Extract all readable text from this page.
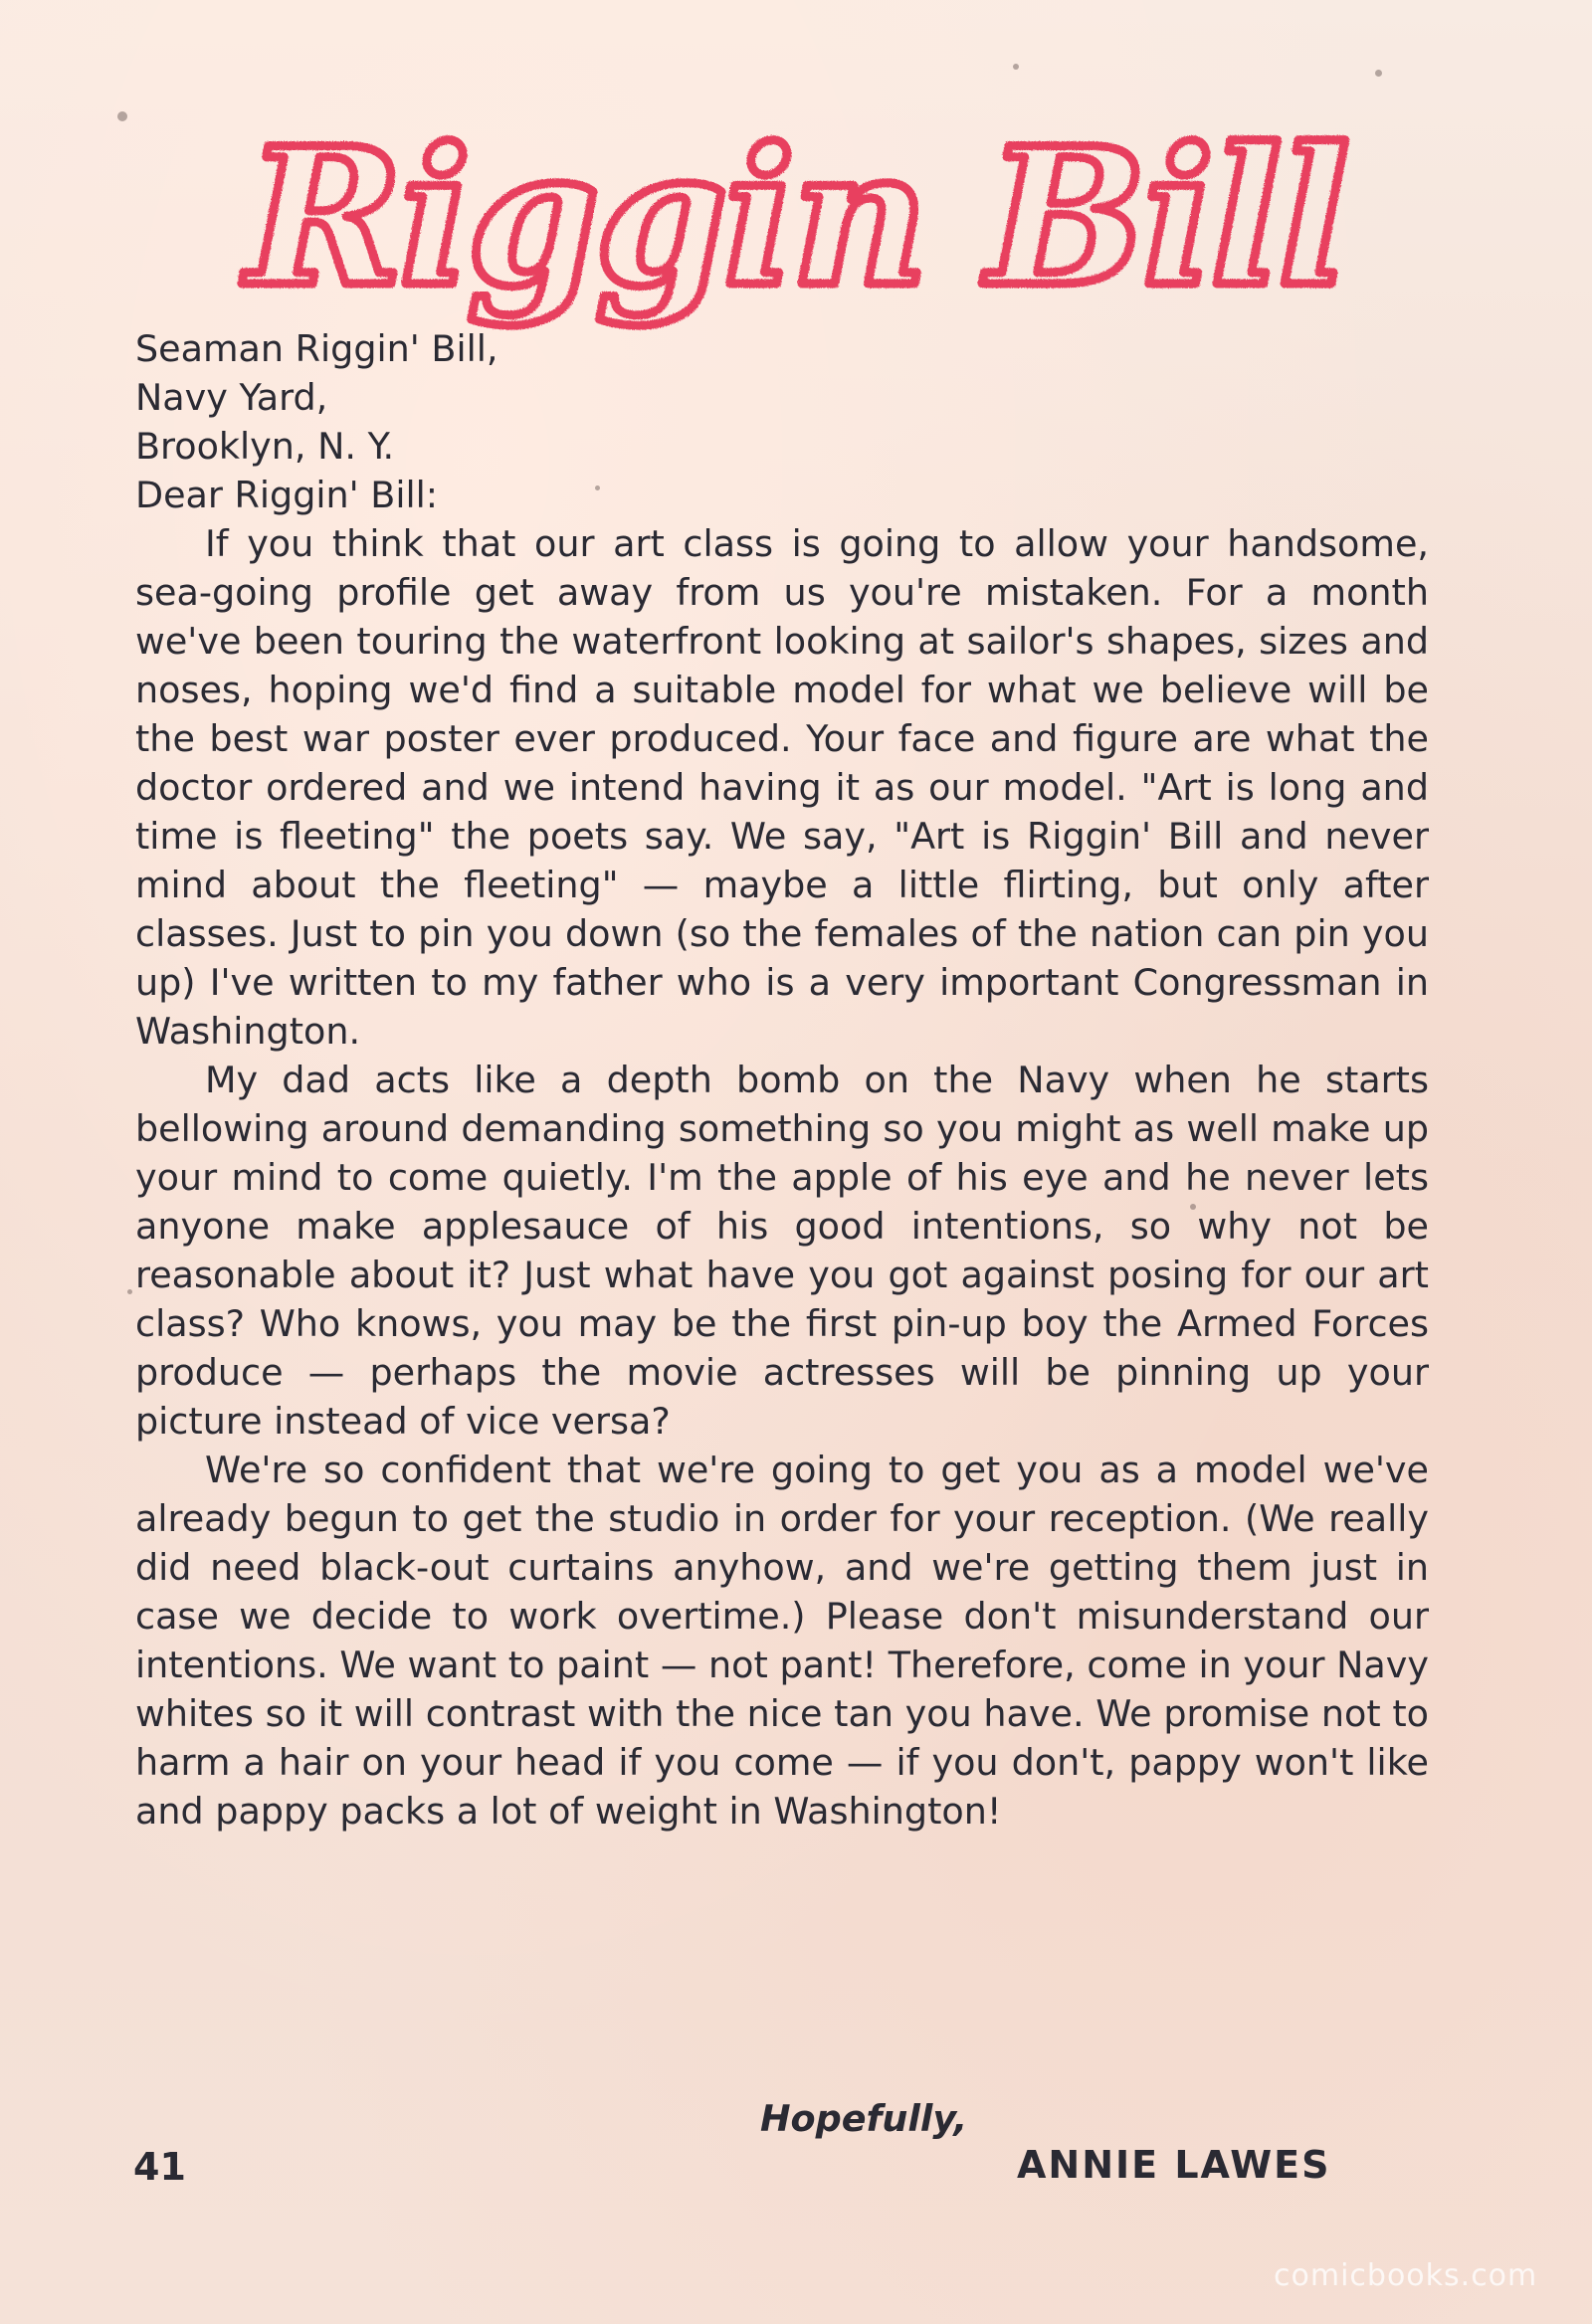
Riggin Bill

Seaman Riggin' Bill,

Navy Yard,

Brooklyn, N. Y.

Dear Riggin' Bill:

If you think that our art class is going to allow your handsome, sea-going profile get away from us you're mistaken. For a month we've been touring the waterfront looking at sailor's shapes, sizes and noses, hoping we'd find a suitable model for what we believe will be the best war poster ever produced. Your face and figure are what the doctor ordered and we intend having it as our model. "Art is long and time is fleeting" the poets say. We say, "Art is Riggin' Bill and never mind about the fleeting" — maybe a little flirting, but only after classes. Just to pin you down (so the females of the nation can pin you up) I've written to my father who is a very important Congressman in Washington.

My dad acts like a depth bomb on the Navy when he starts bellowing around demanding something so you might as well make up your mind to come quietly. I'm the apple of his eye and he never lets anyone make applesauce of his good intentions, so why not be reasonable about it? Just what have you got against posing for our art class? Who knows, you may be the first pin-up boy the Armed Forces produce — perhaps the movie actresses will be pinning up your picture instead of vice versa?

We're so confident that we're going to get you as a model we've already begun to get the studio in order for your reception. (We really did need black-out curtains anyhow, and we're getting them just in case we decide to work overtime.) Please don't misunderstand our intentions. We want to paint — not pant! Therefore, come in your Navy whites so it will contrast with the nice tan you have. We promise not to harm a hair on your head if you come — if you don't, pappy won't like and pappy packs a lot of weight in Washington!

Hopefully,
41	ANNIE LAWES
comicbooks.com
